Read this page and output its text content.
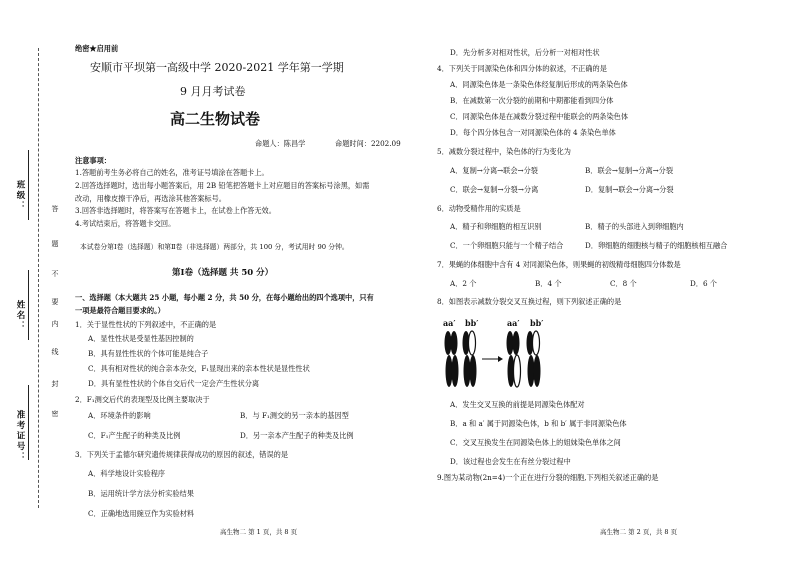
班级：
姓名：
准考证号：
答
题
不
要
内
线
封
密
绝密★启用前
安顺市平坝第一高级中学 2020-2021 学年第一学期
9 月月考试卷
高二生物试卷
命题人：陈昌学	命题时间：2202.09
注意事项：
1.答题前考生务必将自己的姓名，准考证号填涂在答题卡上。
2.回答选择题时，选出每小题答案后，用 2B 铅笔把答题卡上对应题目的答案标号涂黑，如需
改动，用橡皮擦干净后，再选涂其他答案标号。
3.回答非选择题时，将答案写在答题卡上，在试卷上作答无效。
4.考试结束后，将答题卡交回。
本试卷分第Ⅰ卷（选择题）和第Ⅱ卷（非选择题）两部分，共 100 分，考试用时 90 分钟。
第Ⅰ卷（选择题 共 50 分）
一、选择题（本大题共 25 小题，每小题 2 分，共 50 分，在每小题给出的四个选项中，只有
一项是最符合题目要求的。）
1．关于显性性状的下列叙述中，不正确的是
A．显性性状是受显性基因控制的
B．具有显性性状的个体可能是纯合子
C．具有相对性状的纯合亲本杂交，F₁显现出来的亲本性状是显性性状
D．具有显性性状的个体自交后代一定会产生性状分离
2．F₁测交后代的表现型及比例主要取决于
A．环境条件的影响	B．与 F₁测交的另一亲本的基因型
C．F₁产生配子的种类及比例	D．另一亲本产生配子的种类及比例
3．下列关于孟德尔研究遗传规律获得成功的原因的叙述，错误的是
A．科学地设计实验程序
B．运用统计学方法分析实验结果
C．正确地选用豌豆作为实验材料
高生物二 第 1 页，共 8 页
D．先分析多对相对性状，后分析一对相对性状
4．下列关于同源染色体和四分体的叙述，不正确的是
A．同源染色体是一条染色体经复制后形成的两条染色体
B．在减数第一次分裂的前期和中期都能看到四分体
C．同源染色体是在减数分裂过程中能联会的两条染色体
D．每个四分体包含一对同源染色体的 4 条染色单体
5．减数分裂过程中，染色体的行为变化为
A．复制→分离→联会→分裂	B．联会→复制→分离→分裂
C．联会→复制→分裂→分离	D．复制→联会→分离→分裂
6．动物受精作用的实质是
A．精子和卵细胞的相互识别	B．精子的头部进入到卵细胞内
C．一个卵细胞只能与一个精子结合	D．卵细胞的细胞核与精子的细胞核相互融合
7．果蝇的体细胞中含有 4 对同源染色体，则果蝇的初级精母细胞四分体数是
A．2 个	B．4 个	C．8 个	D．6 个
8．如图表示减数分裂交叉互换过程，则下列叙述正确的是
aa′ bb′	aa′ bb′
A．发生交叉互换的前提是同源染色体配对
B．a 和 a′ 属于同源染色体，b 和 b′ 属于非同源染色体
C．交叉互换发生在同源染色体上的姐妹染色单体之间
D．该过程也会发生在有丝分裂过程中
9.图为某动物(2n=4)一个正在进行分裂的细胞,下列相关叙述正确的是
高生物二 第 2 页，共 8 页
